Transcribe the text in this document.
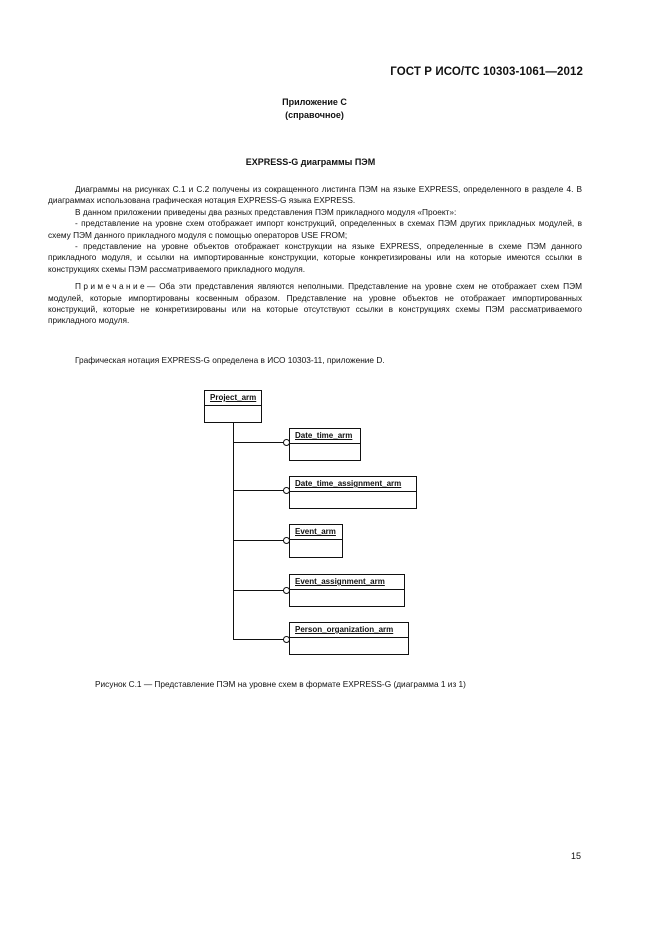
ГОСТ Р ИСО/ТС 10303-1061—2012
Приложение C
(справочное)
EXPRESS-G диаграммы ПЭМ

Диаграммы на рисунках C.1 и C.2 получены из сокращенного листинга ПЭМ на языке EXPRESS, определенного в разделе 4. В диаграммах использована графическая нотация EXPRESS-G языка EXPRESS.

В данном приложении приведены два разных представления ПЭМ прикладного модуля «Проект»:

- представление на уровне схем отображает импорт конструкций, определенных в схемах ПЭМ других прикладных модулей, в схему ПЭМ данного прикладного модуля с помощью операторов USE FROM;

- представление на уровне объектов отображает конструкции на языке EXPRESS, определенные в схеме ПЭМ данного прикладного модуля, и ссылки на импортированные конструкции, которые конкретизированы или на которые имеются ссылки в конструкциях схемы ПЭМ рассматриваемого прикладного модуля.

Примечание— Оба эти представления являются неполными. Представление на уровне схем не отображает схем ПЭМ модулей, которые импортированы косвенным образом. Представление на уровне объектов не отображает импортированных конструкций, которые не конкретизированы или на которые отсутствуют ссылки в конструкциях схемы ПЭМ рассматриваемого прикладного модуля.

Графическая нотация EXPRESS-G определена в ИСО 10303-11, приложение D.
Project_arm
Date_time_arm
Date_time_assignment_arm
Event_arm
Event_assignment_arm
Person_organization_arm
Рисунок C.1 — Представление ПЭМ на уровне схем в формате EXPRESS-G (диаграмма 1 из 1)
15
